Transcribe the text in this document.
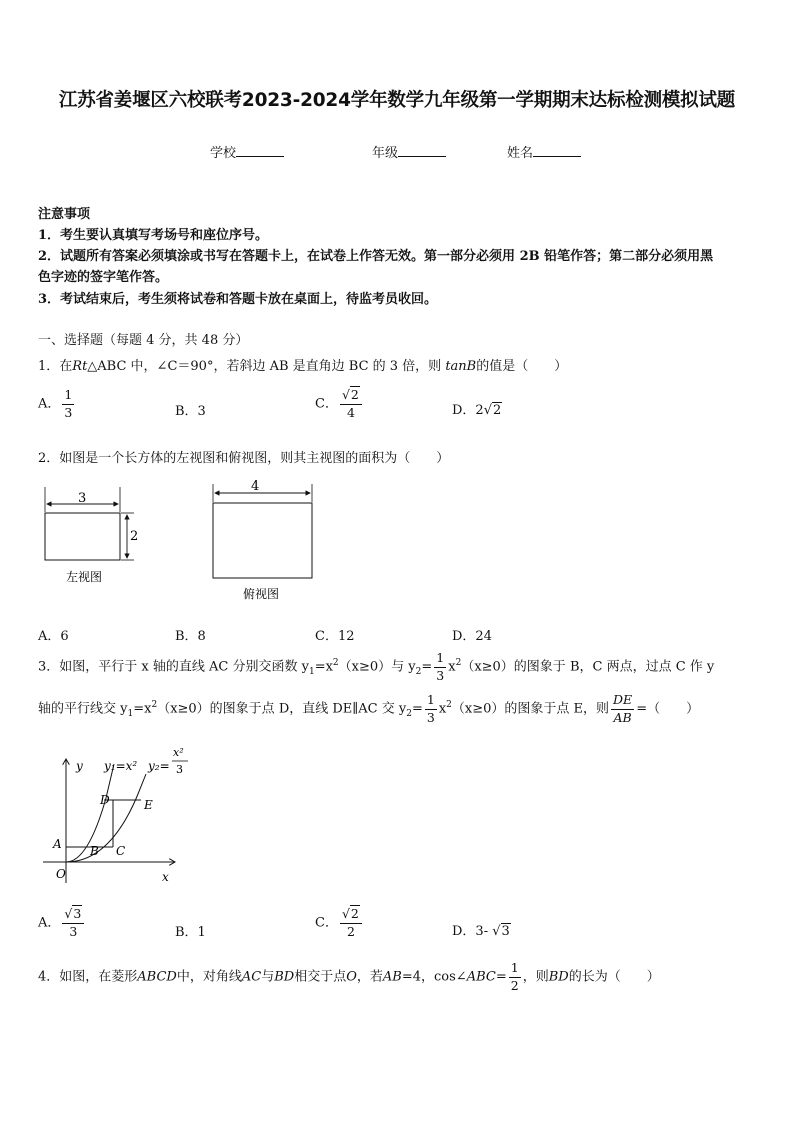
江苏省姜堰区六校联考2023-2024学年数学九年级第一学期期末达标检测模拟试题
学校	年级	姓名
注意事项
1．考生要认真填写考场号和座位序号。
2．试题所有答案必须填涂或书写在答题卡上，在试卷上作答无效。第一部分必须用 2B 铅笔作答；第二部分必须用黑
色字迹的签字笔作答。
3．考试结束后，考生须将试卷和答题卡放在桌面上，待监考员收回。
一、选择题（每题 4 分，共 48 分）
1．在Rt△ABC 中，∠C＝90°，若斜边 AB 是直角边 BC 的 3 倍，则 tanB的值是（　　）
A． $\frac{1}{3}$	B．3	C． $\frac{√2}{4}$	D．2√2
2．如图是一个长方体的左视图和俯视图，则其主视图的面积为（　　）
3
2
左视图
4
俯视图
A．6	B．8	C．12	D．24
3．如图，平行于 x 轴的直线 AC 分别交函数 $y_1=x^2(x\ge 0)$与 $y_2= \frac{1}{3} x^2(x\ge 0)$的图象于 B，C 两点，过点 C 作 y
轴的平行线交 $y_1=x^2(x\ge 0)$的图象于点 D，直线 DE∥AC 交 $y_2= \frac{1}{3} x^2(x\ge 0)$的图象于点 E，则 $\frac{DE}{AB}$ =（　　）
y
x
O
A B C
D	E
y₁=x² y₂=
x²
3
A． $\frac{√3}{3}$	B．1
C． $\frac{√2}{2}$	D．3- √3
4．如图，在菱形ABCD中，对角线AC与BD相交于点O，若AB=4，cos∠ABC= $\frac{1}{2}$ ，则BD的长为（　　）
